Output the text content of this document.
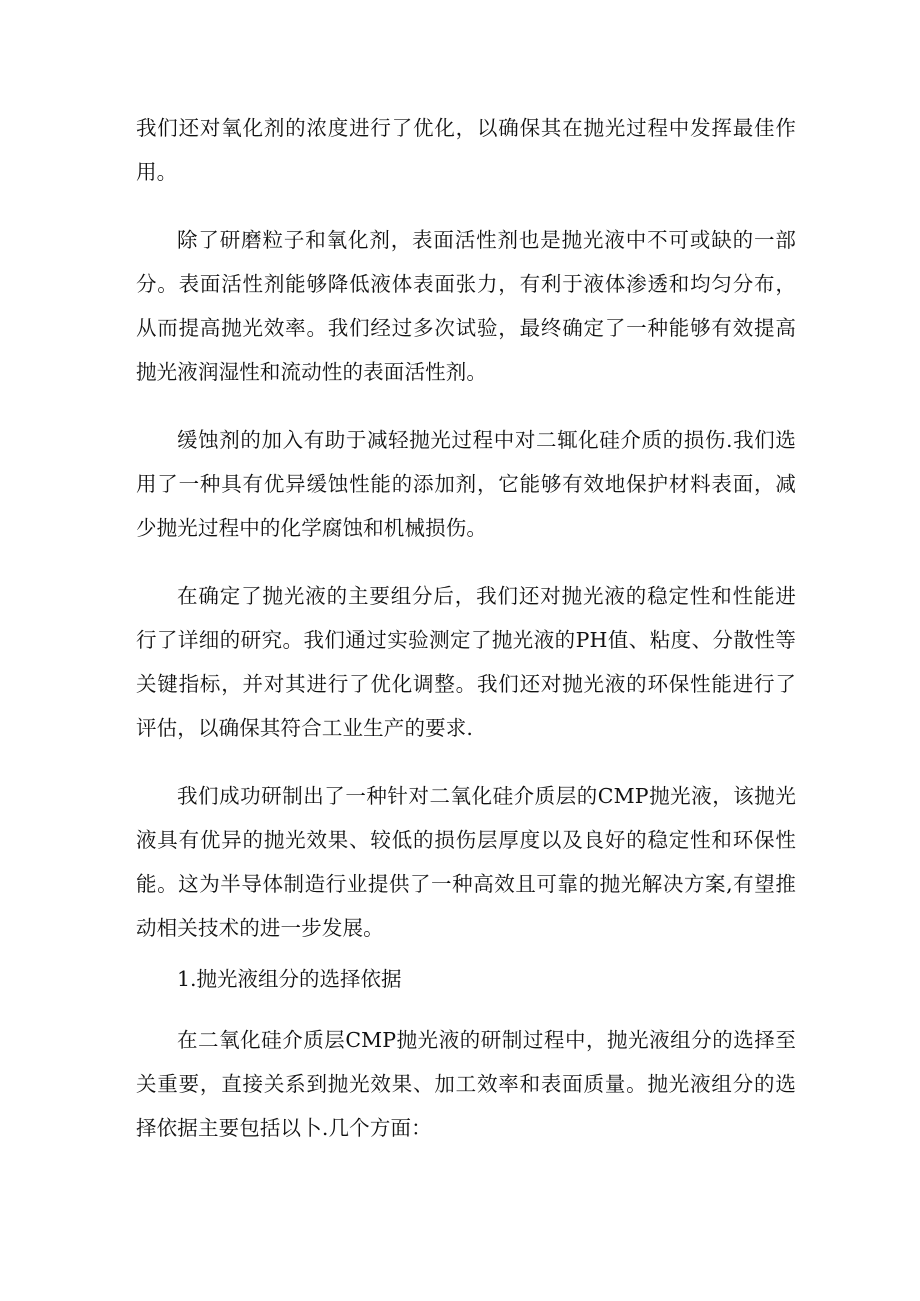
我们还对氧化剂的浓度进行了优化，以确保其在抛光过程中发挥最佳作用。

除了研磨粒子和氧化剂，表面活性剂也是抛光液中不可或缺的一部分。表面活性剂能够降低液体表面张力，有利于液体渗透和均匀分布，从而提高抛光效率。我们经过多次试验，最终确定了一种能够有效提高抛光液润湿性和流动性的表面活性剂。

缓蚀剂的加入有助于减轻抛光过程中对二辄化硅介质的损伤.我们选用了一种具有优异缓蚀性能的添加剂，它能够有效地保护材料表面，减少抛光过程中的化学腐蚀和机械损伤。

在确定了抛光液的主要组分后，我们还对抛光液的稳定性和性能进行了详细的研究。我们通过实验测定了抛光液的PH值、粘度、分散性等关键指标，并对其进行了优化调整。我们还对抛光液的环保性能进行了评估，以确保其符合工业生产的要求.

我们成功研制出了一种针对二氧化硅介质层的CMP抛光液，该抛光液具有优异的抛光效果、较低的损伤层厚度以及良好的稳定性和环保性能。这为半导体制造行业提供了一种高效且可靠的抛光解决方案,有望推动相关技术的进一步发展。

1.抛光液组分的选择依据

在二氧化硅介质层CMP抛光液的研制过程中，抛光液组分的选择至关重要，直接关系到抛光效果、加工效率和表面质量。抛光液组分的选择依据主要包括以卜.几个方面：
